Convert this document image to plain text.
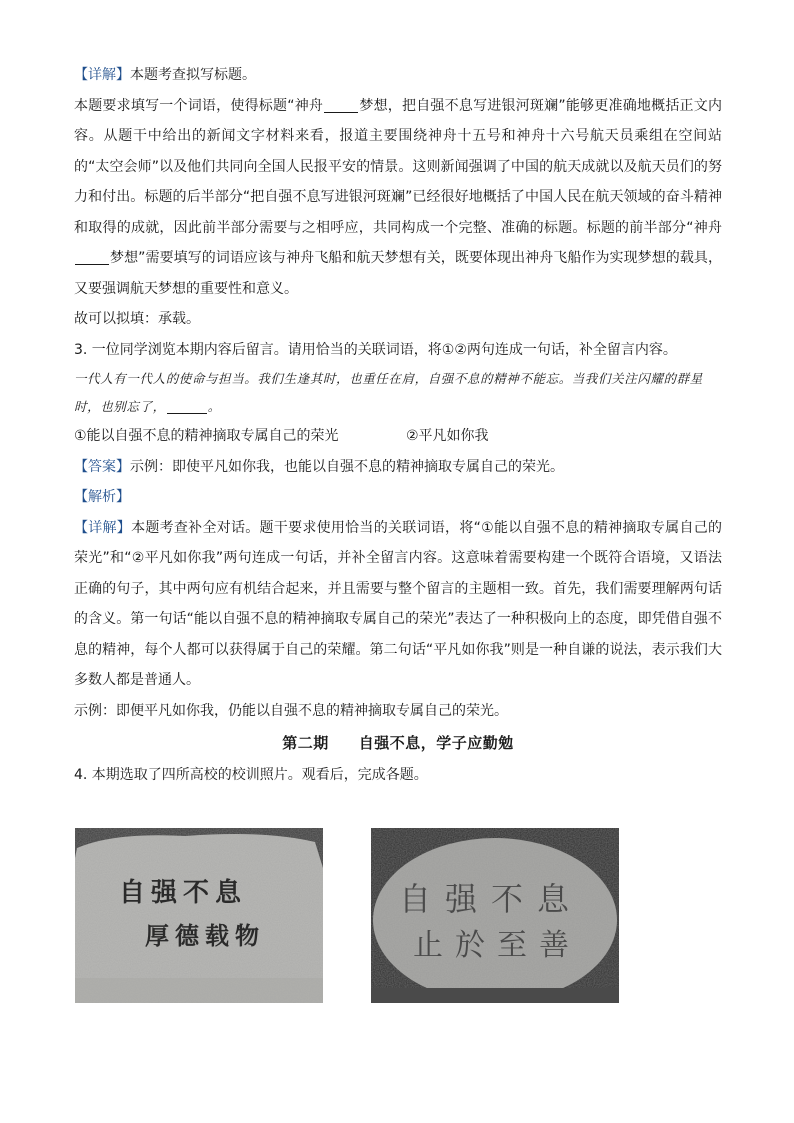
【详解】本题考查拟写标题。

本题要求填写一个词语，使得标题“神舟	梦想，把自强不息写进银河斑斓”能够更准确地概括正文内容。从题干中给出的新闻文字材料来看，报道主要围绕神舟十五号和神舟十六号航天员乘组在空间站的“太空会师”以及他们共同向全国人民报平安的情景。这则新闻强调了中国的航天成就以及航天员们的努力和付出。标题的后半部分“把自强不息写进银河斑斓”已经很好地概括了中国人民在航天领域的奋斗精神和取得的成就，因此前半部分需要与之相呼应，共同构成一个完整、准确的标题。标题的前半部分“神舟梦想”需要填写的词语应该与神舟飞船和航天梦想有关，既要体现出神舟飞船作为实现梦想的载具，又要强调航天梦想的重要性和意义。

故可以拟填：承载。

3. 一位同学浏览本期内容后留言。请用恰当的关联词语，将①②两句连成一句话，补全留言内容。

一代人有一代人的使命与担当。我们生逢其时，也重任在肩，自强不息的精神不能忘。当我们关注闪耀的群星时，也别忘了，	。

①能以自强不息的精神摘取专属自己的荣光	②平凡如你我

【答案】示例：即使平凡如你我，也能以自强不息的精神摘取专属自己的荣光。

【解析】

【详解】本题考查补全对话。题干要求使用恰当的关联词语，将“①能以自强不息的精神摘取专属自己的荣光”和“②平凡如你我”两句连成一句话，并补全留言内容。这意味着需要构建一个既符合语境，又语法正确的句子，其中两句应有机结合起来，并且需要与整个留言的主题相一致。首先，我们需要理解两句话的含义。第一句话“能以自强不息的精神摘取专属自己的荣光”表达了一种积极向上的态度，即凭借自强不息的精神，每个人都可以获得属于自己的荣耀。第二句话“平凡如你我”则是一种自谦的说法，表示我们大多数人都是普通人。

示例：即便平凡如你我，仍能以自强不息的精神摘取专属自己的荣光。

第二期 自强不息，学子应勤勉

4. 本期选取了四所高校的校训照片。观看后，完成各题。

自强不息
厚德载物
自强不息
止於至善
